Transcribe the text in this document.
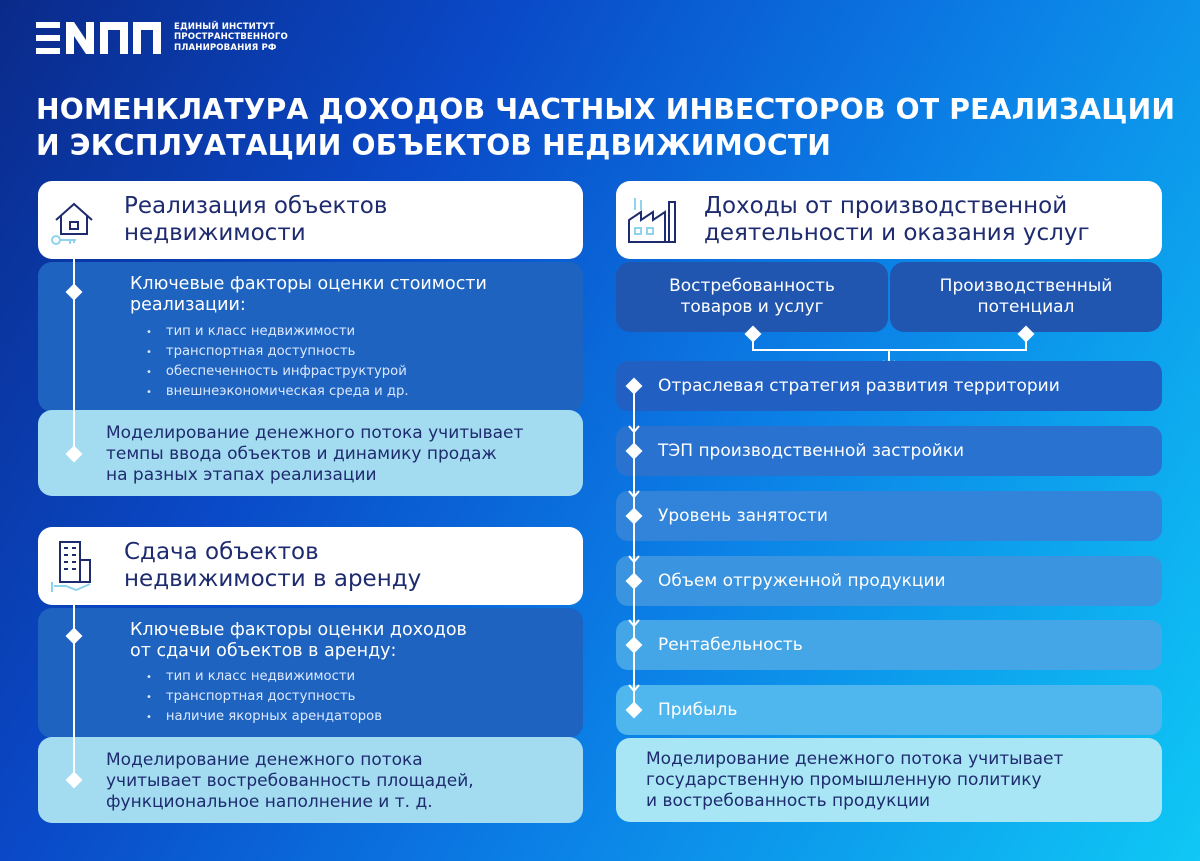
ЕДИНЫЙ ИНСТИТУТ
ПРОСТРАНСТВЕННОГО
ПЛАНИРОВАНИЯ РФ
НОМЕНКЛАТУРА ДОХОДОВ ЧАСТНЫХ ИНВЕСТОРОВ ОТ РЕАЛИЗАЦИИ
И ЭКСПЛУАТАЦИИ ОБЪЕКТОВ НЕДВИЖИМОСТИ
Реализация объектов
недвижимости
Ключевые факторы оценки стоимости
реализации:
• тип и класс недвижимости
• транспортная доступность
• обеспеченность инфраструктурой
• внешнеэкономическая среда и др.
Моделирование денежного потока учитывает
темпы ввода объектов и динамику продаж
на разных этапах реализации
Сдача объектов
недвижимости в аренду
Ключевые факторы оценки доходов
от сдачи объектов в аренду:
• тип и класс недвижимости
• транспортная доступность
• наличие якорных арендаторов
Моделирование денежного потока
учитывает востребованность площадей,
функциональное наполнение и т. д.
Доходы от производственной
деятельности и оказания услуг
Востребованность
товаров и услуг
Производственный
потенциал
Отраслевая стратегия развития территории
ТЭП производственной застройки
Уровень занятости
Объем отгруженной продукции
Рентабельность
Прибыль
Моделирование денежного потока учитывает
государственную промышленную политику
и востребованность продукции
